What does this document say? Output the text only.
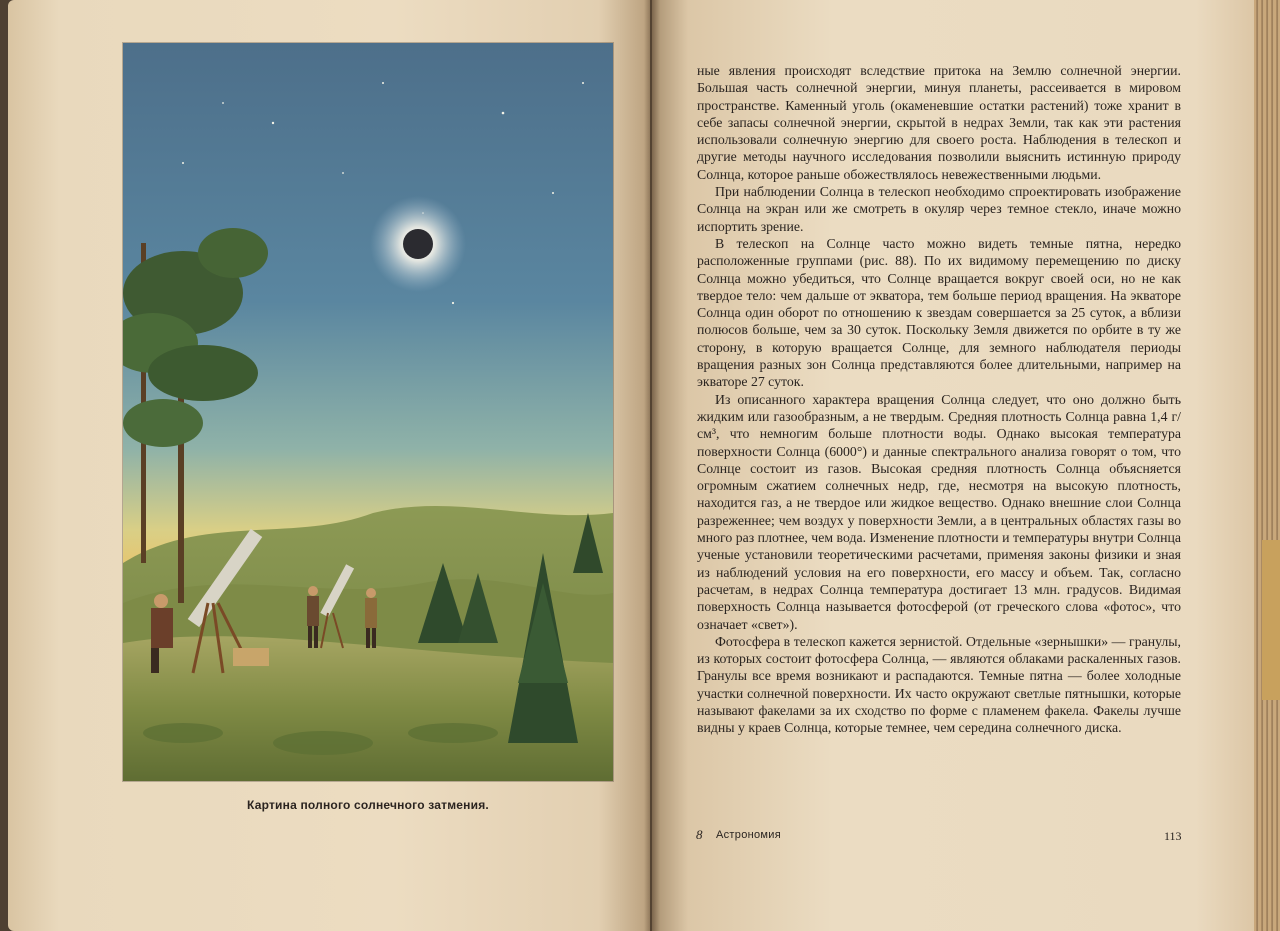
Картина полного солнечного затмения.

ные явления происходят вследствие притока на Землю солнечной энергии. Большая часть солнечной энергии, минуя планеты, рассеивается в мировом пространстве. Каменный уголь (окаменевшие остатки растений) тоже хранит в себе запасы солнечной энергии, скрытой в недрах Земли, так как эти растения использовали солнечную энергию для своего роста. Наблюдения в телескоп и другие методы научного исследования позволили выяснить истинную природу Солнца, которое раньше обожествлялось невежественными людьми.

При наблюдении Солнца в телескоп необходимо спроектировать изображение Солнца на экран или же смотреть в окуляр через темное стекло, иначе можно испортить зрение.

В телескоп на Солнце часто можно видеть темные пятна, нередко расположенные группами (рис. 88). По их видимому перемещению по диску Солнца можно убедиться, что Солнце вращается вокруг своей оси, но не как твердое тело: чем дальше от экватора, тем больше период вращения. На экваторе Солнца один оборот по отношению к звездам совершается за 25 суток, а вблизи полюсов больше, чем за 30 суток. Поскольку Земля движется по орбите в ту же сторону, в которую вращается Солнце, для земного наблюдателя периоды вращения разных зон Солнца представляются более длительными, например на экваторе 27 суток.

Из описанного характера вращения Солнца следует, что оно должно быть жидким или газообразным, а не твердым. Средняя плотность Солнца равна 1,4 г/см³, что немногим больше плотности воды. Однако высокая температура поверхности Солнца (6000°) и данные спектрального анализа говорят о том, что Солнце состоит из газов. Высокая средняя плотность Солнца объясняется огромным сжатием солнечных недр, где, несмотря на высокую плотность, находится газ, а не твердое или жидкое вещество. Однако внешние слои Солнца разреженнее; чем воздух у поверхности Земли, а в центральных областях газы во много раз плотнее, чем вода. Изменение плотности и температуры внутри Солнца ученые установили теоретическими расчетами, применяя законы физики и зная из наблюдений условия на его поверхности, его массу и объем. Так, согласно расчетам, в недрах Солнца температура достигает 13 млн. градусов. Видимая поверхность Солнца называется фотосферой (от греческого слова «фотос», что означает «свет»).

Фотосфера в телескоп кажется зернистой. Отдельные «зернышки» — гранулы, из которых состоит фотосфера Солнца, — являются облаками раскаленных газов. Гранулы все время возникают и распадаются. Темные пятна — более холодные участки солнечной поверхности. Их часто окружают светлые пятнышки, которые называют факелами за их сходство по форме с пламенем факела. Факелы лучше видны у краев Солнца, которые темнее, чем середина солнечного диска.

8 Астрономия	113
